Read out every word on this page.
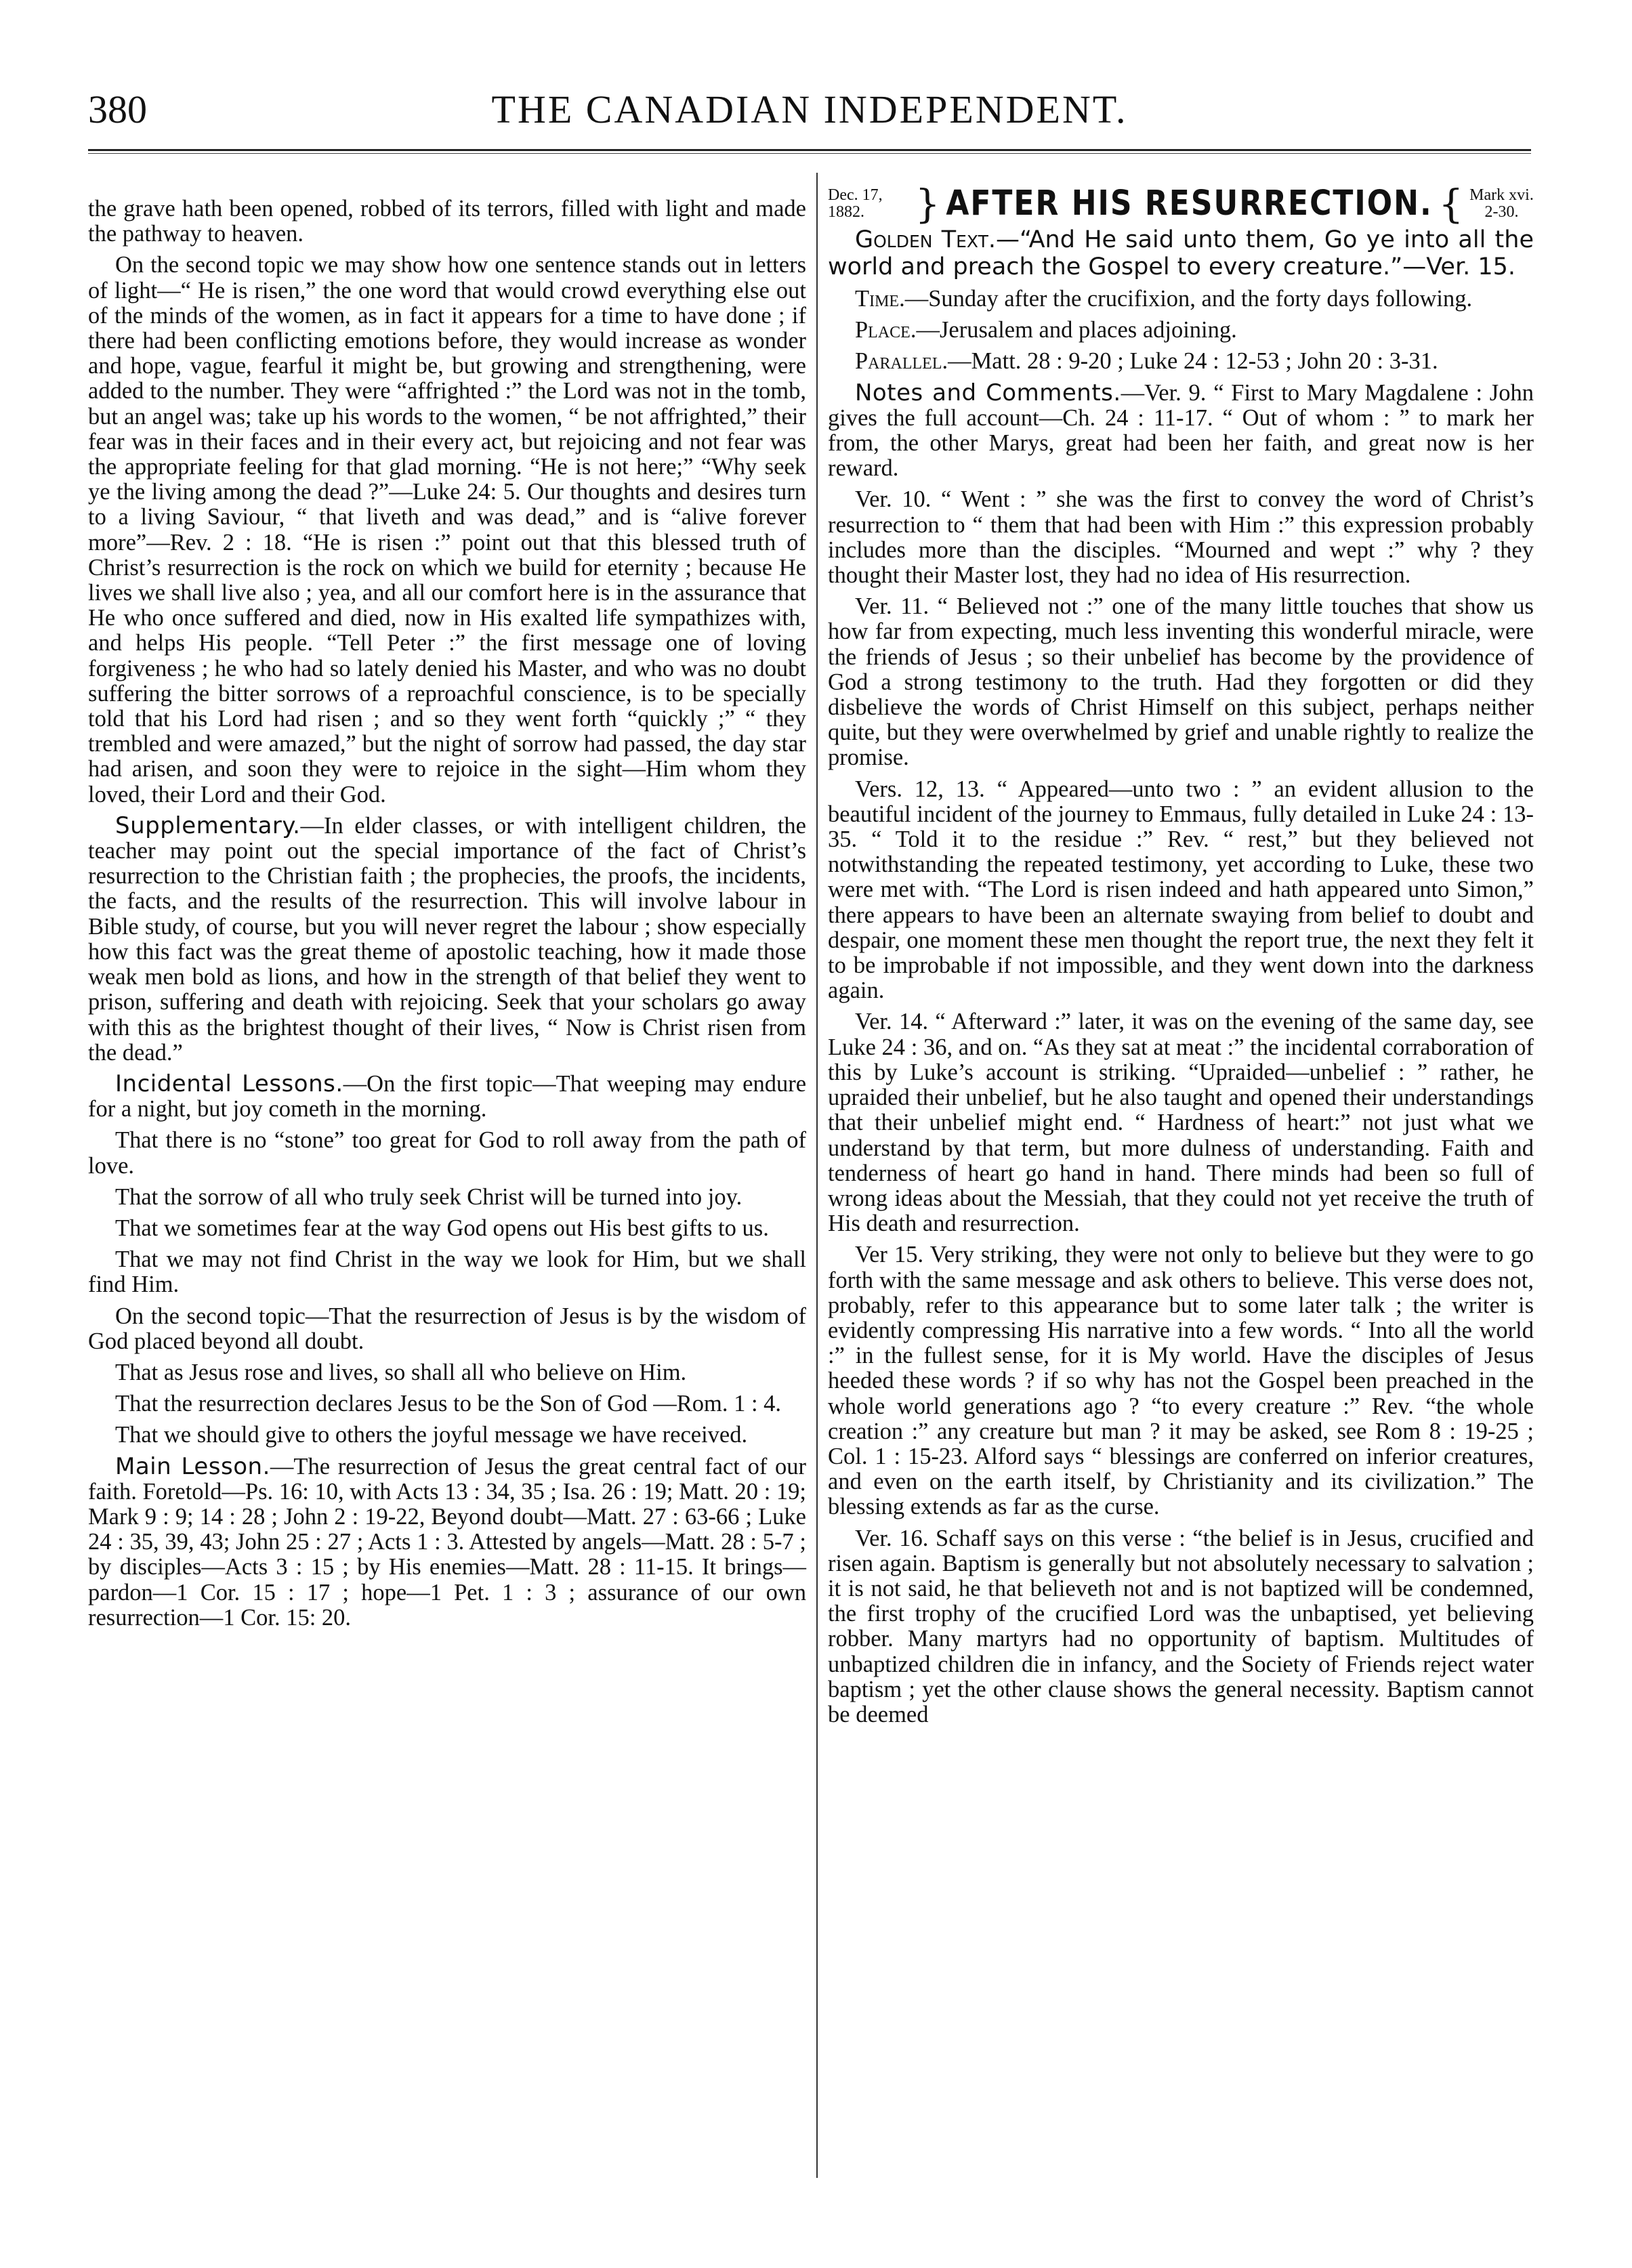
380	THE CANADIAN INDEPENDENT.

the grave hath been opened, robbed of its terrors, filled with light and made the pathway to heaven.

On the second topic we may show how one sentence stands out in letters of light—“ He is risen,” the one word that would crowd everything else out of the minds of the women, as in fact it appears for a time to have done ; if there had been conflicting emotions before, they would increase as wonder and hope, vague, fearful it might be, but growing and strengthening, were added to the number. They were “affrighted :” the Lord was not in the tomb, but an angel was; take up his words to the women, “ be not affrighted,” their fear was in their faces and in their every act, but rejoicing and not fear was the appropriate feeling for that glad morning. “He is not here;” “Why seek ye the living among the dead ?”—Luke 24: 5. Our thoughts and desires turn to a living Saviour, “ that liveth and was dead,” and is “alive forever more”—Rev. 2 : 18. “He is risen :” point out that this blessed truth of Christ’s resurrection is the rock on which we build for eternity ; because He lives we shall live also ; yea, and all our comfort here is in the assurance that He who once suffered and died, now in His exalted life sympathizes with, and helps His people. “Tell Peter :” the first message one of loving forgiveness ; he who had so lately denied his Master, and who was no doubt suffering the bitter sorrows of a reproachful conscience, is to be specially told that his Lord had risen ; and so they went forth “quickly ;” “ they trembled and were amazed,” but the night of sorrow had passed, the day star had arisen, and soon they were to rejoice in the sight—Him whom they loved, their Lord and their God.

Supplementary.—In elder classes, or with intelligent children, the teacher may point out the special importance of the fact of Christ’s resurrection to the Christian faith ; the prophecies, the proofs, the incidents, the facts, and the results of the resurrection. This will involve labour in Bible study, of course, but you will never regret the labour ; show especially how this fact was the great theme of apostolic teaching, how it made those weak men bold as lions, and how in the strength of that belief they went to prison, suffering and death with rejoicing. Seek that your scholars go away with this as the brightest thought of their lives, “ Now is Christ risen from the dead.”

Incidental Lessons.—On the first topic—That weeping may endure for a night, but joy cometh in the morning.

That there is no “stone” too great for God to roll away from the path of love.

That the sorrow of all who truly seek Christ will be turned into joy.

That we sometimes fear at the way God opens out His best gifts to us.

That we may not find Christ in the way we look for Him, but we shall find Him.

On the second topic—That the resurrection of Jesus is by the wisdom of God placed beyond all doubt.

That as Jesus rose and lives, so shall all who believe on Him.

That the resurrection declares Jesus to be the Son of God —Rom. 1 : 4.

That we should give to others the joyful message we have received.

Main Lesson.—The resurrection of Jesus the great central fact of our faith. Foretold—Ps. 16: 10, with Acts 13 : 34, 35 ; Isa. 26 : 19; Matt. 20 : 19; Mark 9 : 9; 14 : 28 ; John 2 : 19-22, Beyond doubt—Matt. 27 : 63-66 ; Luke 24 : 35, 39, 43; John 25 : 27 ; Acts 1 : 3. Attested by angels—Matt. 28 : 5-7 ; by disciples—Acts 3 : 15 ; by His enemies—Matt. 28 : 11-15. It brings—pardon—1 Cor. 15 : 17 ; hope—1 Pet. 1 : 3 ; assurance of our own resurrection—1 Cor. 15: 20.

Dec. 17, 1882.	} AFTER HIS RESURRECTION. { Mark xvi. 2-30.

Golden Text.—“And He said unto them, Go ye into all the world and preach the Gospel to every creature.”—Ver. 15.

Time.—Sunday after the crucifixion, and the forty days following.

Place.—Jerusalem and places adjoining.

Parallel.—Matt. 28 : 9-20 ; Luke 24 : 12-53 ; John 20 : 3-31.

Notes and Comments.—Ver. 9. “ First to Mary Magdalene : John gives the full account—Ch. 24 : 11-17. “ Out of whom : ” to mark her from, the other Marys, great had been her faith, and great now is her reward.

Ver. 10. “ Went : ” she was the first to convey the word of Christ’s resurrection to “ them that had been with Him :” this expression probably includes more than the disciples. “Mourned and wept :” why ? they thought their Master lost, they had no idea of His resurrection.

Ver. 11. “ Believed not :” one of the many little touches that show us how far from expecting, much less inventing this wonderful miracle, were the friends of Jesus ; so their unbelief has become by the providence of God a strong testimony to the truth. Had they forgotten or did they disbelieve the words of Christ Himself on this subject, perhaps neither quite, but they were overwhelmed by grief and unable rightly to realize the promise.

Vers. 12, 13. “ Appeared—unto two : ” an evident allusion to the beautiful incident of the journey to Emmaus, fully detailed in Luke 24 : 13-35. “ Told it to the residue :” Rev. “ rest,” but they believed not notwithstanding the repeated testimony, yet according to Luke, these two were met with. “The Lord is risen indeed and hath appeared unto Simon,” there appears to have been an alternate swaying from belief to doubt and despair, one moment these men thought the report true, the next they felt it to be improbable if not impossible, and they went down into the darkness again.

Ver. 14. “ Afterward :” later, it was on the evening of the same day, see Luke 24 : 36, and on. “As they sat at meat :” the incidental corraboration of this by Luke’s account is striking. “Upraided—unbelief : ” rather, he upraided their unbelief, but he also taught and opened their understandings that their unbelief might end. “ Hardness of heart:” not just what we understand by that term, but more dulness of understanding. Faith and tenderness of heart go hand in hand. There minds had been so full of wrong ideas about the Messiah, that they could not yet receive the truth of His death and resurrection.

Ver 15. Very striking, they were not only to believe but they were to go forth with the same message and ask others to believe. This verse does not, probably, refer to this appearance but to some later talk ; the writer is evidently compressing His narrative into a few words. “ Into all the world :” in the fullest sense, for it is My world. Have the disciples of Jesus heeded these words ? if so why has not the Gospel been preached in the whole world generations ago ? “to every creature :” Rev. “the whole creation :” any creature but man ? it may be asked, see Rom 8 : 19-25 ; Col. 1 : 15-23. Alford says “ blessings are conferred on inferior creatures, and even on the earth itself, by Christianity and its civilization.” The blessing extends as far as the curse.

Ver. 16. Schaff says on this verse : “the belief is in Jesus, crucified and risen again. Baptism is generally but not absolutely necessary to salvation ; it is not said, he that believeth not and is not baptized will be condemned, the first trophy of the crucified Lord was the unbaptised, yet believing robber. Many martyrs had no opportunity of baptism. Multitudes of unbaptized children die in infancy, and the Society of Friends reject water baptism ; yet the other clause shows the general necessity. Baptism cannot be deemed
